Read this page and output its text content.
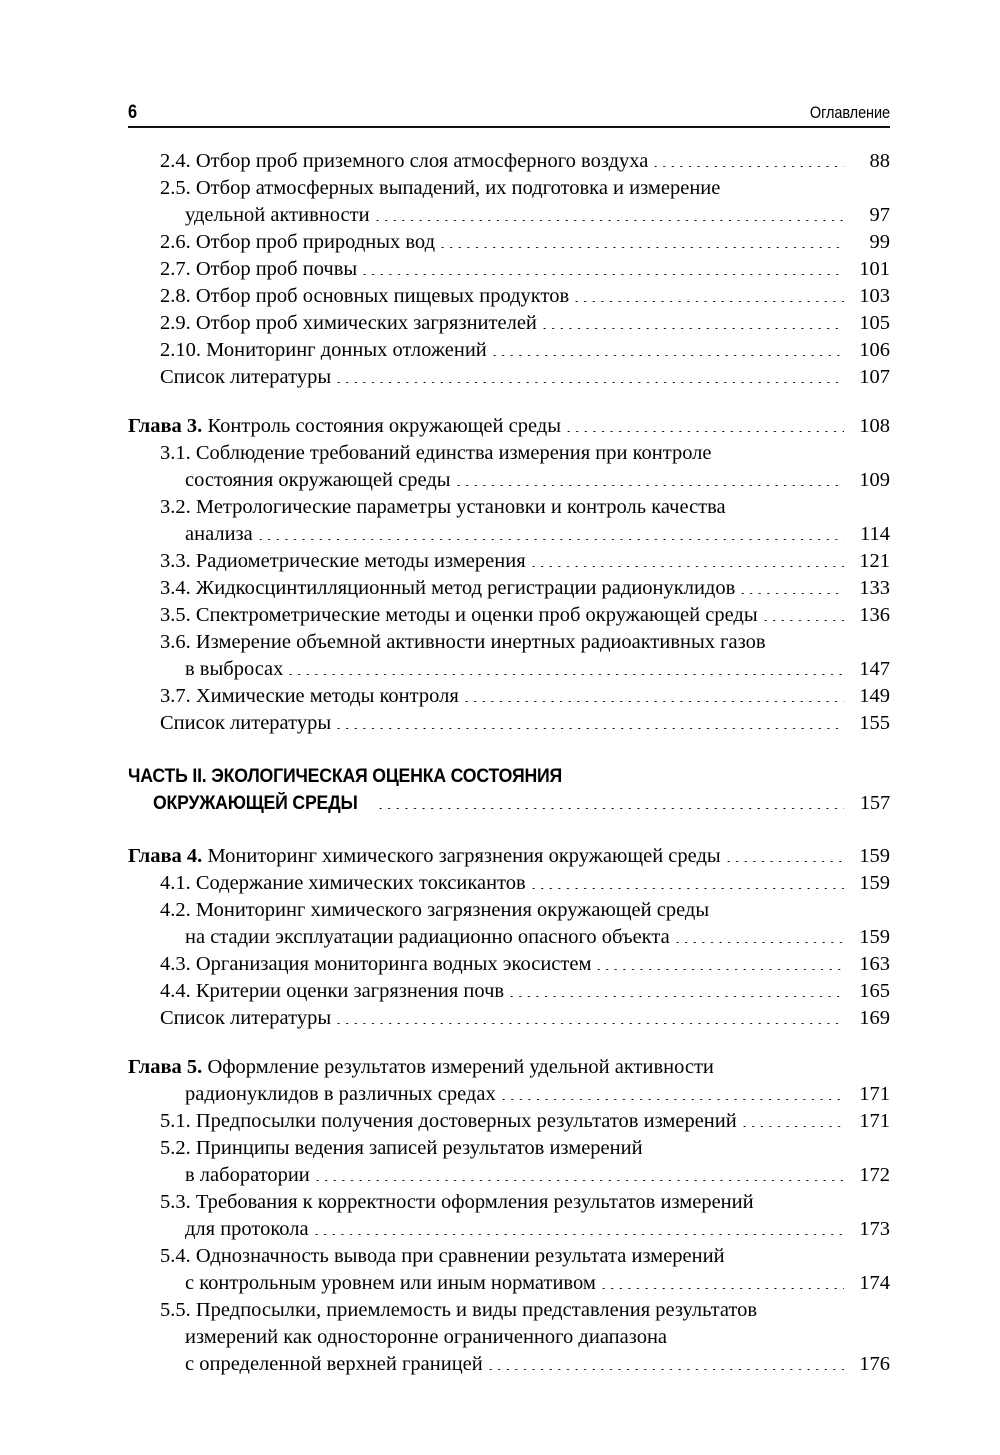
6	Оглавление
2.4. Отбор проб приземного слоя атмосферного воздуха	88
2.5. Отбор атмосферных выпадений, их подготовка и измерение
удельной активности	97
2.6. Отбор проб природных вод	99
2.7. Отбор проб почвы	101
2.8. Отбор проб основных пищевых продуктов	103
2.9. Отбор проб химических загрязнителей	105
2.10. Мониторинг донных отложений	106
Список литературы	107
Глава 3. Контроль состояния окружающей среды	108
3.1. Соблюдение требований единства измерения при контроле
состояния окружающей среды	109
3.2. Метрологические параметры установки и контроль качества
анализа	114
3.3. Радиометрические методы измерения	121
3.4. Жидкосцинтилляционный метод регистрации радионуклидов	133
3.5. Спектрометрические методы и оценки проб окружающей среды	136
3.6. Измерение объемной активности инертных радиоактивных газов
в выбросах	147
3.7. Химические методы контроля	149
Список литературы	155
ЧАСТЬ II. ЭКОЛОГИЧЕСКАЯ ОЦЕНКА СОСТОЯНИЯ
ОКРУЖАЮЩЕЙ СРЕДЫ	157
Глава 4. Мониторинг химического загрязнения окружающей среды	159
4.1. Содержание химических токсикантов	159
4.2. Мониторинг химического загрязнения окружающей среды
на стадии эксплуатации радиационно опасного объекта	159
4.3. Организация мониторинга водных экосистем	163
4.4. Критерии оценки загрязнения почв	165
Список литературы	169
Глава 5. Оформление результатов измерений удельной активности
радионуклидов в различных средах	171
5.1. Предпосылки получения достоверных результатов измерений	171
5.2. Принципы ведения записей результатов измерений
в лаборатории	172
5.3. Требования к корректности оформления результатов измерений
для протокола	173
5.4. Однозначность вывода при сравнении результата измерений
с контрольным уровнем или иным нормативом	174
5.5. Предпосылки, приемлемость и виды представления результатов
измерений как односторонне ограниченного диапазона
с определенной верхней границей	176
